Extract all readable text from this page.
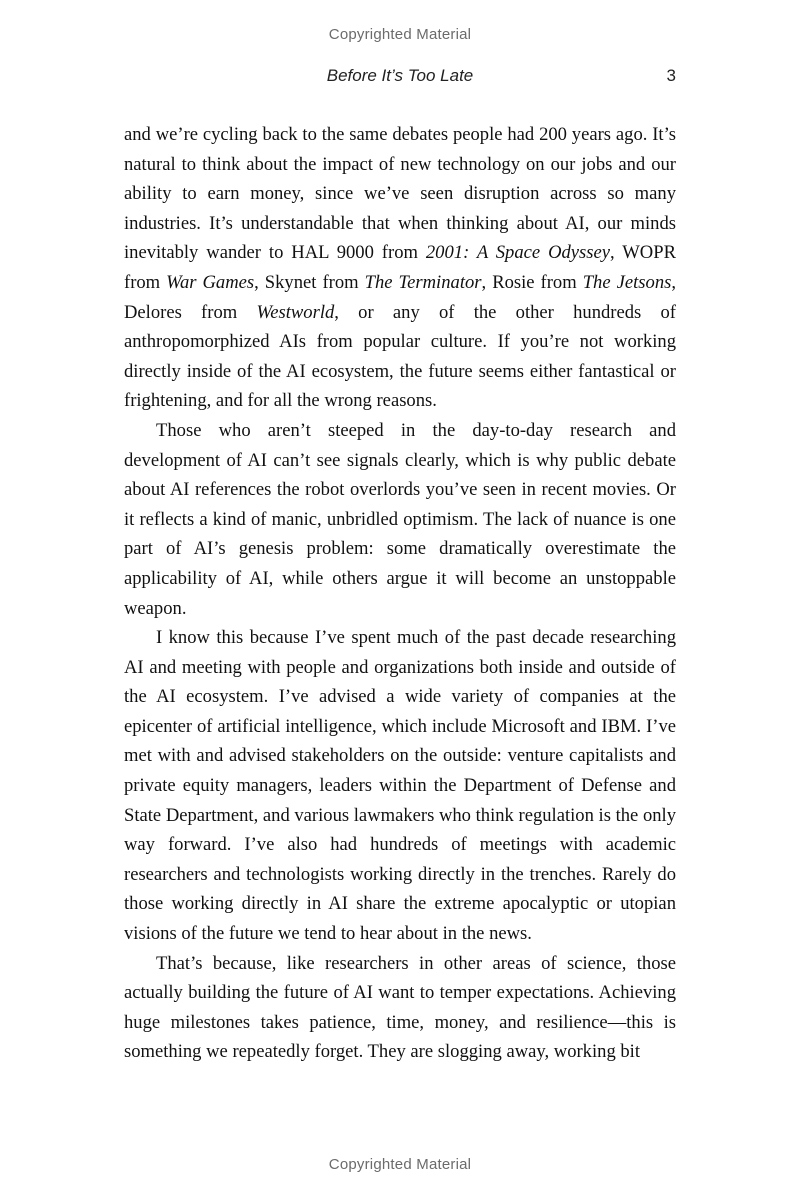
Copyrighted Material
Before It’s Too Late	3

and we’re cycling back to the same debates people had 200 years ago. It’s natural to think about the impact of new technology on our jobs and our ability to earn money, since we’ve seen disruption across so many industries. It’s understandable that when thinking about AI, our minds inevitably wander to HAL 9000 from 2001: A Space Odyssey, WOPR from War Games, Skynet from The Terminator, Rosie from The Jetsons, Delores from Westworld, or any of the other hundreds of anthropomorphized AIs from popular culture. If you’re not working directly inside of the AI ecosystem, the future seems either fantastical or frightening, and for all the wrong reasons.

Those who aren’t steeped in the day-to-day research and development of AI can’t see signals clearly, which is why public debate about AI references the robot overlords you’ve seen in recent movies. Or it reflects a kind of manic, unbridled optimism. The lack of nuance is one part of AI’s genesis problem: some dramatically overestimate the applicability of AI, while others argue it will become an unstoppable weapon.

I know this because I’ve spent much of the past decade researching AI and meeting with people and organizations both inside and outside of the AI ecosystem. I’ve advised a wide variety of companies at the epicenter of artificial intelligence, which include Microsoft and IBM. I’ve met with and advised stakeholders on the outside: venture capitalists and private equity managers, leaders within the Department of Defense and State Department, and various lawmakers who think regulation is the only way forward. I’ve also had hundreds of meetings with academic researchers and technologists working directly in the trenches. Rarely do those working directly in AI share the extreme apocalyptic or utopian visions of the future we tend to hear about in the news.

That’s because, like researchers in other areas of science, those actually building the future of AI want to temper expectations. Achieving huge milestones takes patience, time, money, and resilience—this is something we repeatedly forget. They are slogging away, working bit

Copyrighted Material
